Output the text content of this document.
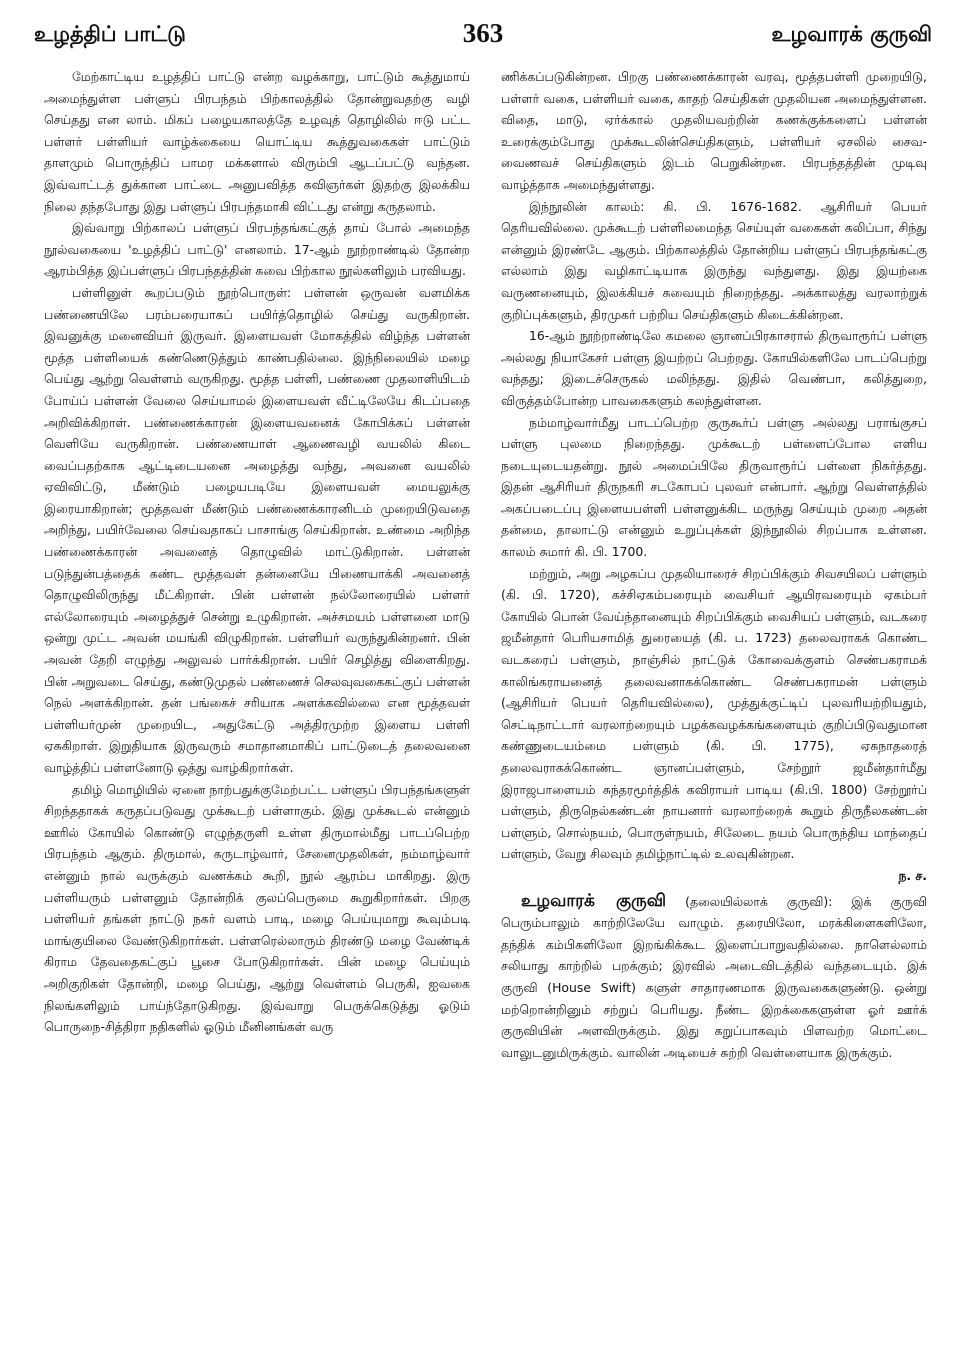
உழத்திப் பாட்டு	363	உழவாரக் குருவி

மேற்காட்டிய உழத்திப் பாட்டு என்ற வழக்காறு, பாட்டும் கூத்துமாய் அமைந்துள்ள பள்ளுப் பிரபந்தம் பிற்காலத்தில் தோன்றுவதற்கு வழி செய்தது என லாம். மிகப் பழையகாலத்தே உழவுத் தொழிலில் ஈடு பட்ட பள்ளர் பள்ளியர் வாழ்க்கையை யொட்டிய கூத்துவகைகள் பாட்டும் தாளமும் பொருந்திப் பாமர மக்களால் விரும்பி ஆடப்பட்டு வந்தன. இவ்வாட்டத் துக்கான பாட்டை அனுபவித்த கவிஞர்கள் இதற்கு இலக்கிய நிலை தந்தபோது இது பள்ளுப் பிரபந்தமாகி விட்டது என்று கருதலாம்.

இவ்வாறு பிற்காலப் பள்ளுப் பிரபந்தங்கட்குத் தாய் போல் அமைந்த நூல்வகையை 'உழத்திப் பாட்டு' எனலாம். 17-ஆம் நூற்றாண்டில் தோன்ற ஆரம்பித்த இப்பள்ளுப் பிரபந்தத்தின் சுவை பிற்கால நூல்களிலும் பரவியது.

பள்ளினுள் கூறப்படும் நூற்பொருள்: பள்ளன் ஒருவன் வளமிக்க பண்ணையிலே பரம்பரையாகப் பயிர்த்தொழில் செய்து வருகிறான். இவனுக்கு மனைவியர் இருவர். இளையவள் மோகத்தில் விழ்ந்த பள்ளன் மூத்த பள்ளியைக் கண்ணெடுத்தும் காண்பதில்லை. இந்நிலையில் மழை பெய்து ஆற்று வெள்ளம் வருகிறது. மூத்த பள்ளி, பண்ணை முதலாளியிடம் போய்ப் பள்ளன் வேலை செய்யாமல் இளையவள் வீட்டிலேயே கிடப்பதை அறிவிக்கிறாள். பண்ணைக்காரன் இளையவனைக் கோபிக்கப் பள்ளன் வெளியே வருகிறான். பண்ணையாள் ஆணைவழி வயலில் கிடை வைப்பதற்காக ஆட்டிடையனை அழைத்து வந்து, அவனை வயலில் ஏவிவிட்டு, மீண்டும் பழையபடியே இளையவள் மையலுக்கு இரையாகிறான்; மூத்தவள் மீண்டும் பண்ணைக்காரனிடம் முறையிடுவதை அறிந்து, பயிர்வேலை செய்வதாகப் பாசாங்கு செய்கிறான். உண்மை அறிந்த பண்ணைக்காரன் அவனைத் தொழுவில் மாட்டுகிறான். பள்ளன் படுந்துன்பத்தைக் கண்ட மூத்தவள் தன்னையே பிணையாக்கி அவனைத் தொழுவிலிருந்து மீட்கிறாள். பின் பள்ளன் நல்லோரையில் பள்ளர் எல்லோரையும் அழைத்துச் சென்று உழுகிறான். அச்சமயம் பள்ளனை மாடு ஒன்று முட்ட அவன் மயங்கி விழுகிறான். பள்ளியர் வருந்துகின்றனர். பின் அவன் தேறி எழுந்து அலுவல் பார்க்கிறான். பயிர் செழித்து விளைகிறது. பின் அறுவடை செய்து, கண்டுமுதல் பண்ணைச் செலவுவகைகட்குப் பள்ளன் நெல் அளக்கிறான். தன் பங்கைச் சரியாக அளக்கவில்லை என மூத்தவள் பள்ளியர்முன் முறையிட, அதுகேட்டு அத்திரமுற்ற இளைய பள்ளி ஏசுகிறாள். இறுதியாக இருவரும் சமாதானமாகிப் பாட்டுடைத் தலைவனை வாழ்த்திப் பள்ளனோடு ஒத்து வாழ்கிறார்கள்.

தமிழ் மொழியில் ஏனை நாற்பதுக்குமேற்பட்ட பள்ளுப் பிரபந்தங்களுள் சிறந்ததாகக் கருதப்படுவது முக்கூடற் பள்ளாகும். இது முக்கூடல் என்னும் ஊரில் கோயில் கொண்டு எழுந்தருளி உள்ள திருமால்மீது பாடப்பெற்ற பிரபந்தம் ஆகும். திருமால், கருடாழ்வார், சேனைமுதலிகள், நம்மாழ்வார் என்னும் நால் வருக்கும் வணக்கம் கூறி, நூல் ஆரம்ப மாகிறது. இரு பள்ளியரும் பள்ளனும் தோன்றிக் குலப்பெருமை கூறுகிறார்கள். பிறகு பள்ளியர் தங்கள் நாட்டு நகர் வளம் பாடி, மழை பெய்யுமாறு கூவும்படி மாங்குயிலை வேண்டுகிறார்கள். பள்ளரெல்லாரும் திரண்டு மழை வேண்டிக் கிராம தேவதைகட்குப் பூசை போடுகிறார்கள். பின் மழை பெய்யும் அறிகுறிகள் தோன்றி, மழை பெய்து, ஆற்று வெள்ளம் பெருகி, ஐவகை நிலங்களிலும் பாய்ந்தோடுகிறது. இவ்வாறு பெருக்கெடுத்து ஓடும் பொருநை-சித்திரா நதிகளில் ஓடும் மீனினங்கள் வரு

ணிக்கப்படுகின்றன. பிறகு பண்ணைக்காரன் வரவு, மூத்தபள்ளி முறையிடு, பள்ளர் வகை, பள்ளியர் வகை, காதற் செய்திகள் முதலியன அமைந்துள்ளன. விதை, மாடு, ஏர்க்கால் முதலியவற்றின் கணக்குக்களைப் பள்ளன் உரைக்கும்போது முக்கூடலின்செய்திகளும், பள்ளியர் ஏசலில் சைவ-வைணவச் செய்திகளும் இடம் பெறுகின்றன. பிரபந்தத்தின் முடிவு வாழ்த்தாக அமைந்துள்ளது.

இந்நூலின் காலம்: கி. பி. 1676-1682. ஆசிரியர் பெயர் தெரியவில்லை. முக்கூடற் பள்ளிலமைந்த செய்யுள் வகைகள் கலிப்பா, சிந்து என்னும் இரண்டே ஆகும். பிற்காலத்தில் தோன்றிய பள்ளுப் பிரபந்தங்கட்கு எல்லாம் இது வழிகாட்டியாக இருந்து வந்துளது. இது இயற்கை வருணனையும், இலக்கியச் சுவையும் நிறைந்தது. அக்காலத்து வரலாற்றுக் குறிப்புக்களும், திரமுகர் பற்றிய செய்திகளும் கிடைக்கின்றன.

16-ஆம் நூற்றாண்டிலே கமலை ஞானப்பிரகாசரால் திருவாரூர்ப் பள்ளு அல்லது நியாகேசர் பள்ளு இயற்றப் பெற்றது. கோயில்களிலே பாடப்பெற்று வந்தது; இடைச்செருகல் மலிந்தது. இதில் வெண்பா, கலித்துறை, விருத்தம்போன்ற பாவகைகளும் கலந்துள்ளன.

நம்மாழ்வார்மீது பாடப்பெற்ற குருகூர்ப் பள்ளு அல்லது பராங்குசப் பள்ளு புலமை நிறைந்தது. முக்கூடற் பள்ளைப்போல எளிய நடையுடையதன்று. நூல் அமைப்பிலே திருவாரூர்ப் பள்ளை நிகர்த்தது. இதன் ஆசிரியர் திருநகரி சடகோபப் புலவர் என்பார். ஆற்று வெள்ளத்தில் அகப்படைப்பு இளையபள்ளி பள்ளனுக்கிட மருந்து செய்யும் முறை அதன் தன்மை, தாலாட்டு என்னும் உறுப்புக்கள் இந்நூலில் சிறப்பாக உள்ளன. காலம் சுமார் கி. பி. 1700.

மற்றும், அறு அழகப்ப முதலியாரைச் சிறப்பிக்கும் சிவசயிலப் பள்ளும் (கி. பி. 1720), கச்சிஏகம்பரையும் வைசியர் ஆயிரவரையும் ஏகம்பர் கோயில் பொன் வேய்ந்தானையும் சிறப்பிக்கும் வைசியப் பள்ளும், வடகரை ஜமீன்தார் பெரியசாமித் துரையைத் (கி. ப. 1723) தலைவராகக் கொண்ட வடகரைப் பள்ளும், நாஞ்சில் நாட்டுக் கோவைக்குளம் செண்பகராமக் காலிங்கராயனைத் தலைவனாகக்கொண்ட செண்பகராமன் பள்ளும் (ஆசிரியர் பெயர் தெரியவில்லை), முத்துக்குட்டிப் புலவரியற்றியதும், செட்டிநாட்டார் வரலாற்றையும் பழக்கவழக்கங்களையும் குறிப்பிடுவதுமான கண்ணுடையம்மை பள்ளும் (கி. பி. 1775), ஏசுநாதரைத் தலைவராகக்கொண்ட ஞானப்பள்ளும், சேற்றூர் ஜமீன்தார்மீது இராஜபாளையம் சுந்தரமூர்த்திக் கவிராயர் பாடிய (கி.பி. 1800) சேற்றூர்ப் பள்ளும், திருநெல்கண்டன் நாயனார் வரலாற்றைக் கூறும் திருநீலகண்டன் பள்ளும், சொல்நயம், பொருள்நயம், சிலேடை நயம் பொருந்திய மாந்தைப் பள்ளும், வேறு சிலவும் தமிழ்நாட்டில் உலவுகின்றன.

ந. ச.

உழவாரக் குருவி (தலையில்லாக் குருவி): இக் குருவி பெரும்பாலும் காற்றிலேயே வாழும். தரையிலோ, மரக்கிளைகளிலோ, தந்திக் கம்பிகளிலோ இறங்கிக்கூட இளைப்பாறுவதில்லை. நாளெல்லாம் சலியாது காற்றில் பறக்கும்; இரவில் அடைவிடத்தில் வந்தடையும். இக் குருவி (House Swift) களுள் சாதாரணமாக இருவகைகளுண்டு. ஒன்று மற்றொன்றினும் சற்றுப் பெரியது. நீண்ட இறக்கைகளுள்ள ஓர் ஊர்க் குருவியின் அளவிருக்கும். இது கறுப்பாகவும் பிளவற்ற மொட்டை வாலுடனுமிருக்கும். வாலின் அடியைச் சுற்றி வெள்ளையாக இருக்கும்.
